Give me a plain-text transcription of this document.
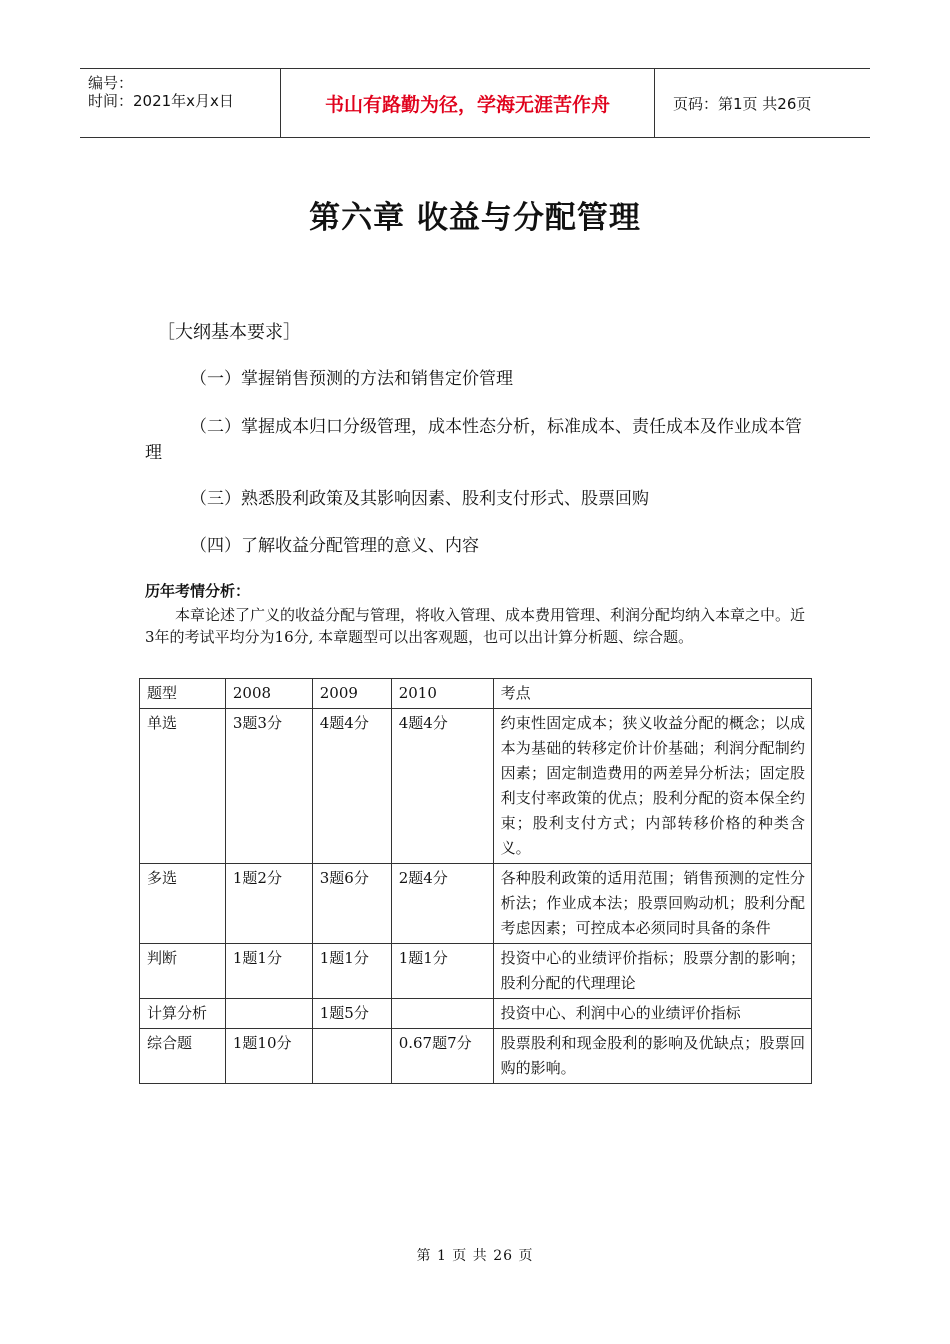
编号：
时间：2021年x月x日	书山有路勤为径，学海无涯苦作舟	页码：第1页 共26页
第六章 收益与分配管理
［大纲基本要求］
（一）掌握销售预测的方法和销售定价管理
（二）掌握成本归口分级管理，成本性态分析，标准成本、责任成本及作业成本管理
（三）熟悉股利政策及其影响因素、股利支付形式、股票回购
（四）了解收益分配管理的意义、内容
历年考情分析：
本章论述了广义的收益分配与管理，将收入管理、成本费用管理、利润分配均纳入本章之中。近3年的考试平均分为16分, 本章题型可以出客观题，也可以出计算分析题、综合题。
题型	2008	2009	2010	考点
单选	3题3分	4题4分	4题4分	约束性固定成本；狭义收益分配的概念；以成本为基础的转移定价计价基础；利润分配制约因素；固定制造费用的两差异分析法；固定股利支付率政策的优点；股利分配的资本保全约束；股利支付方式；内部转移价格的种类含义。
多选	1题2分	3题6分	2题4分	各种股利政策的适用范围；销售预测的定性分析法；作业成本法；股票回购动机；股利分配考虑因素；可控成本必须同时具备的条件
判断	1题1分	1题1分	1题1分	投资中心的业绩评价指标；股票分割的影响；股利分配的代理理论
计算分析		1题5分		投资中心、利润中心的业绩评价指标
综合题	1题10分		0.67题7分	股票股利和现金股利的影响及优缺点；股票回购的影响。
第 1 页 共 26 页
